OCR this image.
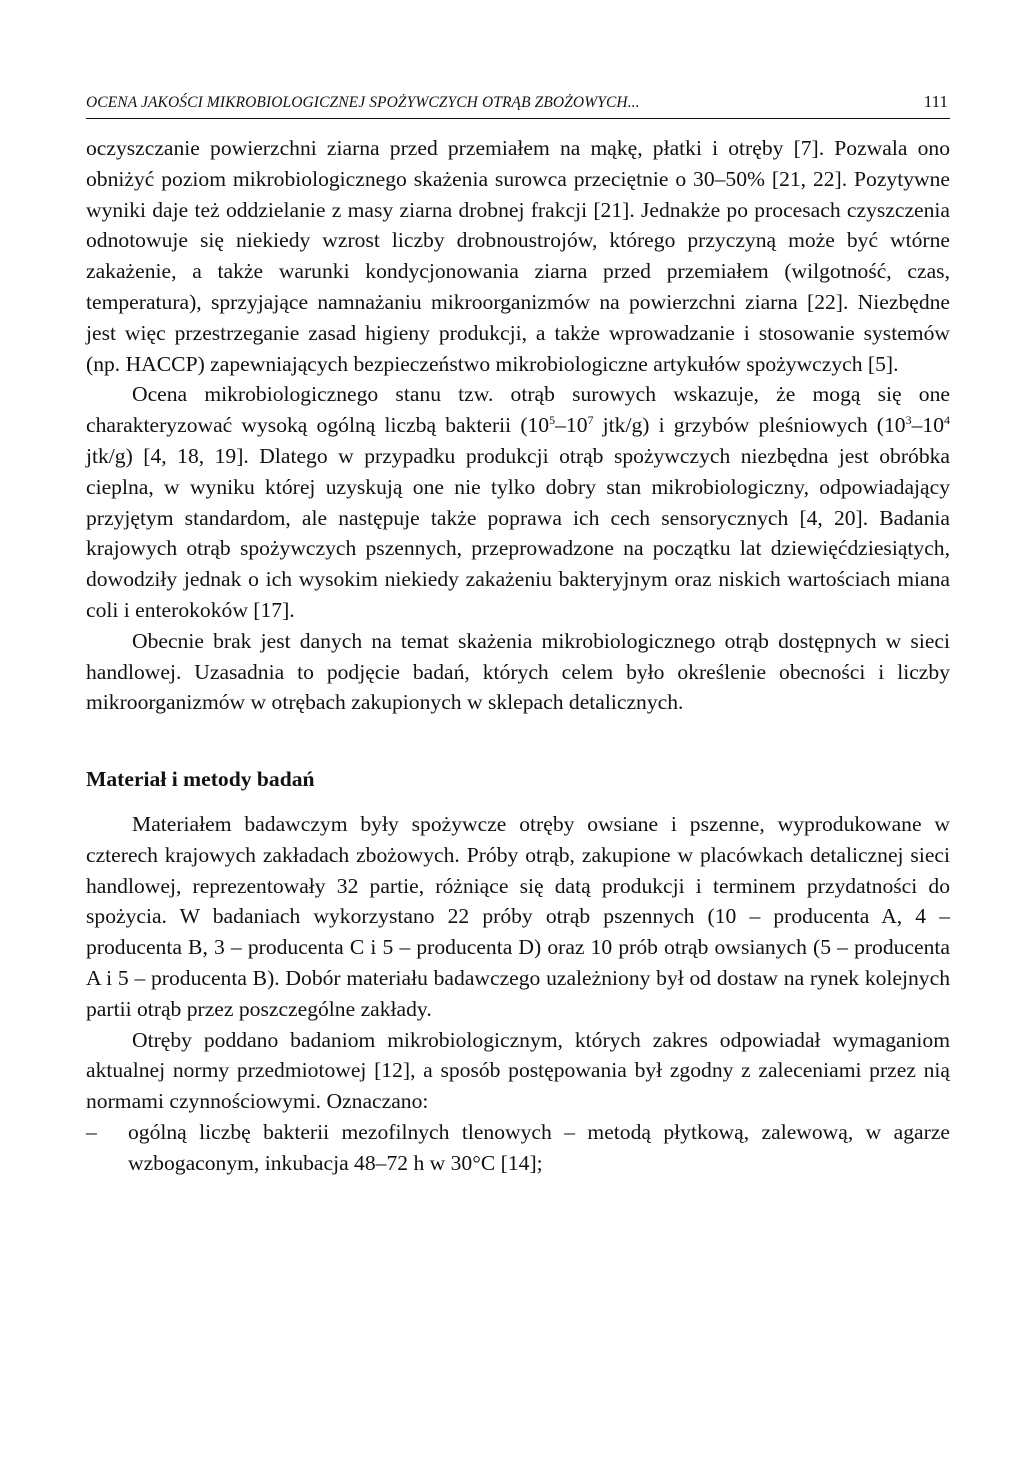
OCENA JAKOŚCI MIKROBIOLOGICZNEJ SPOŻYWCZYCH OTRĄB ZBOŻOWYCH...	111

oczyszczanie powierzchni ziarna przed przemiałem na mąkę, płatki i otręby [7]. Pozwala ono obniżyć poziom mikrobiologicznego skażenia surowca przeciętnie o 30–50% [21, 22]. Pozytywne wyniki daje też oddzielanie z masy ziarna drobnej frakcji [21]. Jednakże po procesach czyszczenia odnotowuje się niekiedy wzrost liczby drobnoustrojów, którego przyczyną może być wtórne zakażenie, a także warunki kondycjonowania ziarna przed przemiałem (wilgotność, czas, temperatura), sprzyjające namnażaniu mikroorganizmów na powierzchni ziarna [22]. Niezbędne jest więc przestrzeganie zasad higieny produkcji, a także wprowadzanie i stosowanie systemów (np. HACCP) zapewniających bezpieczeństwo mikrobiologiczne artykułów spożywczych [5].

Ocena mikrobiologicznego stanu tzw. otrąb surowych wskazuje, że mogą się one charakteryzować wysoką ogólną liczbą bakterii ($10^5-10^7$ jtk/g) i grzybów pleśniowych ($10^3-10^4$ jtk/g) [4, 18, 19]. Dlatego w przypadku produkcji otrąb spożywczych niezbędna jest obróbka cieplna, w wyniku której uzyskują one nie tylko dobry stan mikrobiologiczny, odpowiadający przyjętym standardom, ale następuje także poprawa ich cech sensorycznych [4, 20]. Badania krajowych otrąb spożywczych pszennych, przeprowadzone na początku lat dziewięćdziesiątych, dowodziły jednak o ich wysokim niekiedy zakażeniu bakteryjnym oraz niskich wartościach miana coli i enterokoków [17].

Obecnie brak jest danych na temat skażenia mikrobiologicznego otrąb dostępnych w sieci handlowej. Uzasadnia to podjęcie badań, których celem było określenie obecności i liczby mikroorganizmów w otrębach zakupionych w sklepach detalicznych.

Materiał i metody badań

Materiałem badawczym były spożywcze otręby owsiane i pszenne, wyprodukowane w czterech krajowych zakładach zbożowych. Próby otrąb, zakupione w placówkach detalicznej sieci handlowej, reprezentowały 32 partie, różniące się datą produkcji i terminem przydatności do spożycia. W badaniach wykorzystano 22 próby otrąb pszennych (10 – producenta A, 4 – producenta B, 3 – producenta C i 5 – producenta D) oraz 10 prób otrąb owsianych (5 – producenta A i 5 – producenta B). Dobór materiału badawczego uzależniony był od dostaw na rynek kolejnych partii otrąb przez poszczególne zakłady.

Otręby poddano badaniom mikrobiologicznym, których zakres odpowiadał wymaganiom aktualnej normy przedmiotowej [12], a sposób postępowania był zgodny z zaleceniami przez nią normami czynnościowymi. Oznaczano:

–	ogólną liczbę bakterii mezofilnych tlenowych – metodą płytkową, zalewową, w agarze wzbogaconym, inkubacja 48–72 h w 30°C [14];
